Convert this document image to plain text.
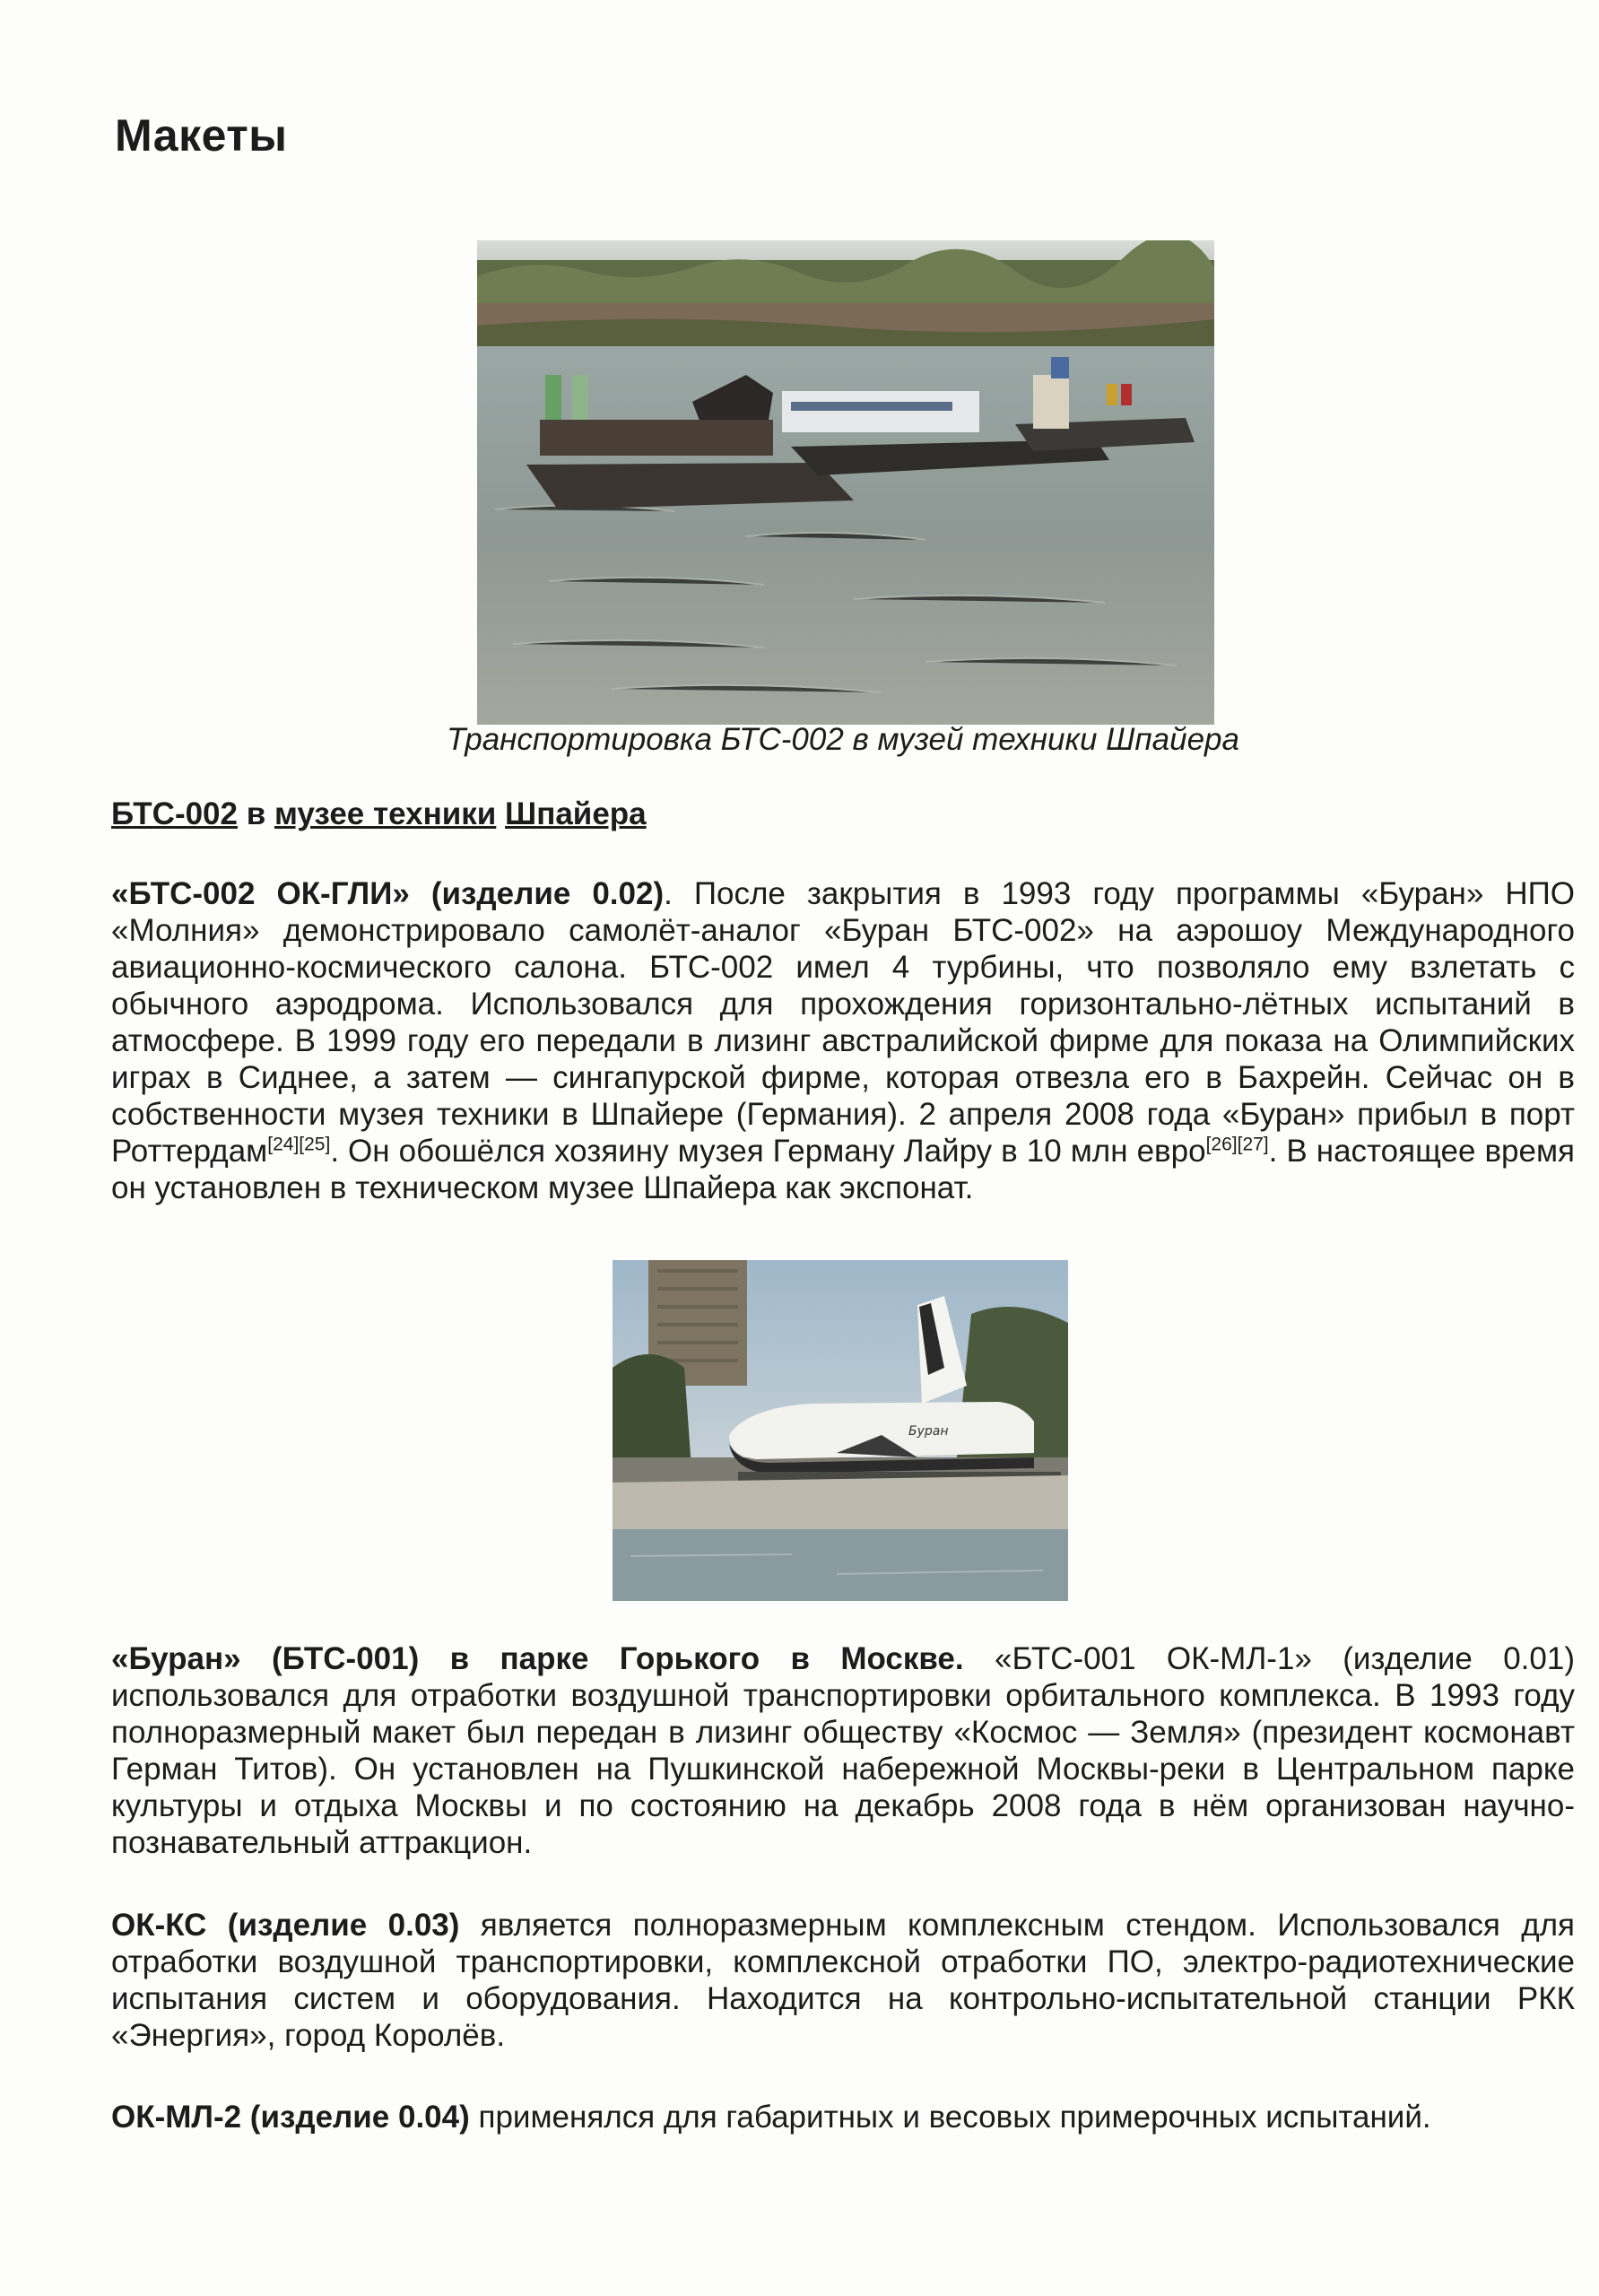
Макеты
Транспортировка БТС-002 в музей техники Шпайера
БТС-002 в музее техники Шпайера

«БТС-002 ОК-ГЛИ» (изделие 0.02). После закрытия в 1993 году программы «Буран» НПО «Молния» демонстрировало самолёт-аналог «Буран БТС-002» на аэрошоу Международного авиационно-космического салона. БТС-002 имел 4 турбины, что позволяло ему взлетать с обычного аэродрома. Использовался для прохождения горизонтально-лётных испытаний в атмосфере. В 1999 году его передали в лизинг австралийской фирме для показа на Олимпийских играх в Сиднее, а затем — сингапурской фирме, которая отвезла его в Бахрейн. Сейчас он в собственности музея техники в Шпайере (Германия). 2 апреля 2008 года «Буран» прибыл в порт Роттердам[24][25]. Он обошёлся хозяину музея Герману Лайру в 10 млн евро[26][27]. В настоящее время он установлен в техническом музее Шпайера как экспонат.

Буран

«Буран» (БТС-001) в парке Горького в Москве. «БТС-001 ОК-МЛ-1» (изделие 0.01) использовался для отработки воздушной транспортировки орбитального комплекса. В 1993 году полноразмерный макет был передан в лизинг обществу «Космос — Земля» (президент космонавт Герман Титов). Он установлен на Пушкинской набережной Москвы-реки в Центральном парке культуры и отдыха Москвы и по состоянию на декабрь 2008 года в нём организован научно-познавательный аттракцион.

ОК-КС (изделие 0.03) является полноразмерным комплексным стендом. Использовался для отработки воздушной транспортировки, комплексной отработки ПО, электро-радиотехнические испытания систем и оборудования. Находится на контрольно-испытательной станции РКК «Энергия», город Королёв.

ОК-МЛ-2 (изделие 0.04) применялся для габаритных и весовых примерочных испытаний.
